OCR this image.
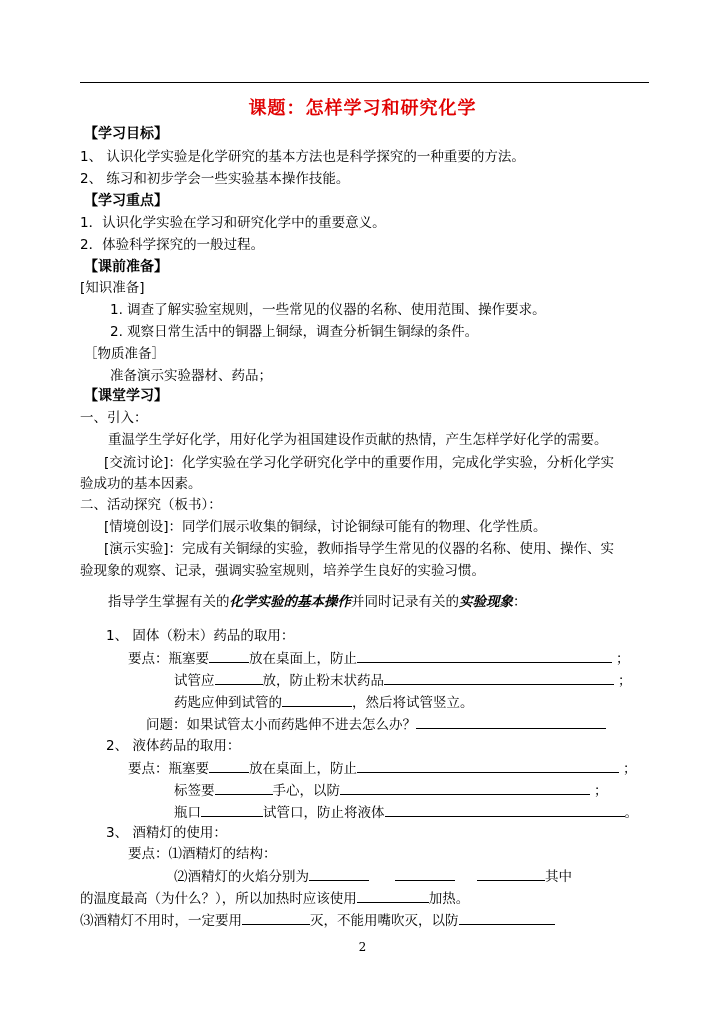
课题：怎样学习和研究化学
【学习目标】
1、 认识化学实验是化学研究的基本方法也是科学探究的一种重要的方法。
2、 练习和初步学会一些实验基本操作技能。
【学习重点】
1．认识化学实验在学习和研究化学中的重要意义。
2．体验科学探究的一般过程。
【课前准备】
[知识准备]
1. 调查了解实验室规则，一些常见的仪器的名称、使用范围、操作要求。
2. 观察日常生活中的铜器上铜绿，调查分析铜生铜绿的条件。
［物质准备］
准备演示实验器材、药品；
【课堂学习】
一、引入：
重温学生学好化学，用好化学为祖国建设作贡献的热情，产生怎样学好化学的需要。
[交流讨论]：化学实验在学习化学研究化学中的重要作用，完成化学实验，分析化学实
验成功的基本因素。
二、活动探究（板书）：
[情境创设]：同学们展示收集的铜绿，讨论铜绿可能有的物理、化学性质。
[演示实验]：完成有关铜绿的实验，教师指导学生常见的仪器的名称、使用、操作、实
验现象的观察、记录，强调实验室规则，培养学生良好的实验习惯。
指导学生掌握有关的化学实验的基本操作并同时记录有关的实验现象：
1、 固体（粉末）药品的取用：
要点：瓶塞要	放在桌面上，防止	；
试管应	放，防止粉末状药品	；
药匙应伸到试管的	，然后将试管竖立。
问题：如果试管太小而药匙伸不进去怎么办？
2、 液体药品的取用：
要点：瓶塞要	放在桌面上，防止	；
标签要	手心，以防	；
瓶口	试管口，防止将液体	。
3、 酒精灯的使用：
要点：⑴酒精灯的结构：
⑵酒精灯的火焰分别为	其中
的温度最高（为什么？），所以加热时应该使用	加热。
⑶酒精灯不用时，一定要用	灭，不能用嘴吹灭，以防
2
